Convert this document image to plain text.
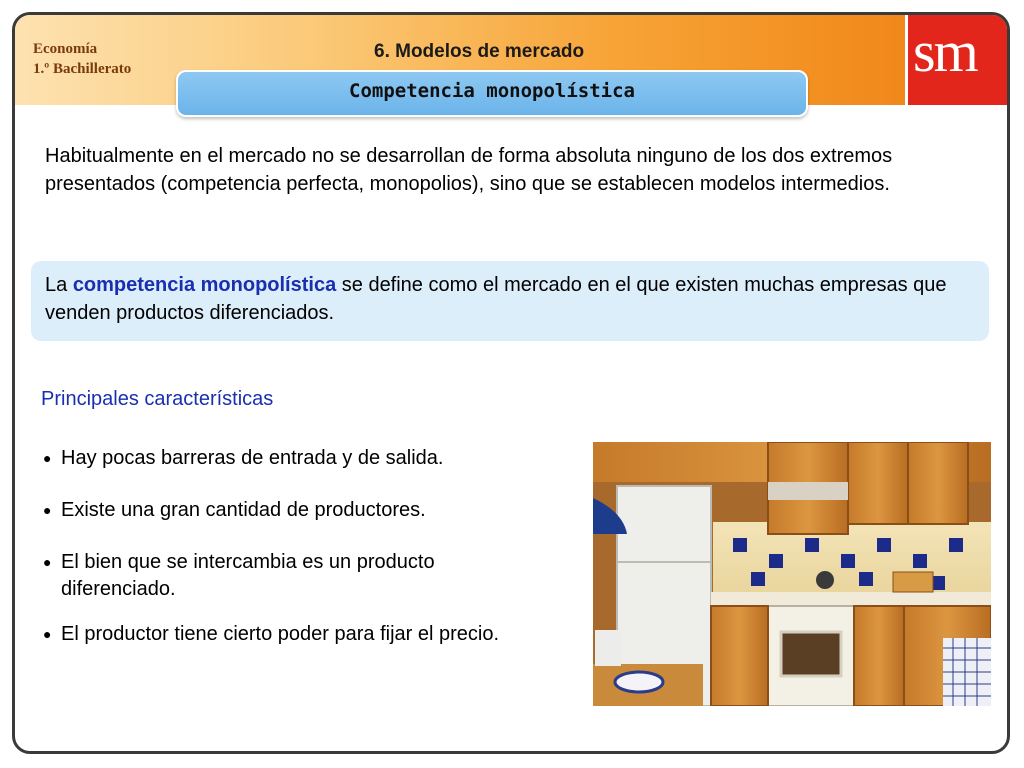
Economía
1.º Bachillerato
6. Modelos de mercado	sm
Competencia monopolística

Habitualmente en el mercado no se desarrollan de forma absoluta ninguno de los dos extremos presentados (competencia perfecta, monopolios), sino que se establecen modelos intermedios.

La competencia monopolística se define como el mercado en el que existen muchas empresas que venden productos diferenciados.
Principales características
● Hay pocas barreras de entrada y de salida.
● Existe una gran cantidad de productores.
● El bien que se intercambia es un producto diferenciado.
● El productor tiene cierto poder para fijar el precio.
